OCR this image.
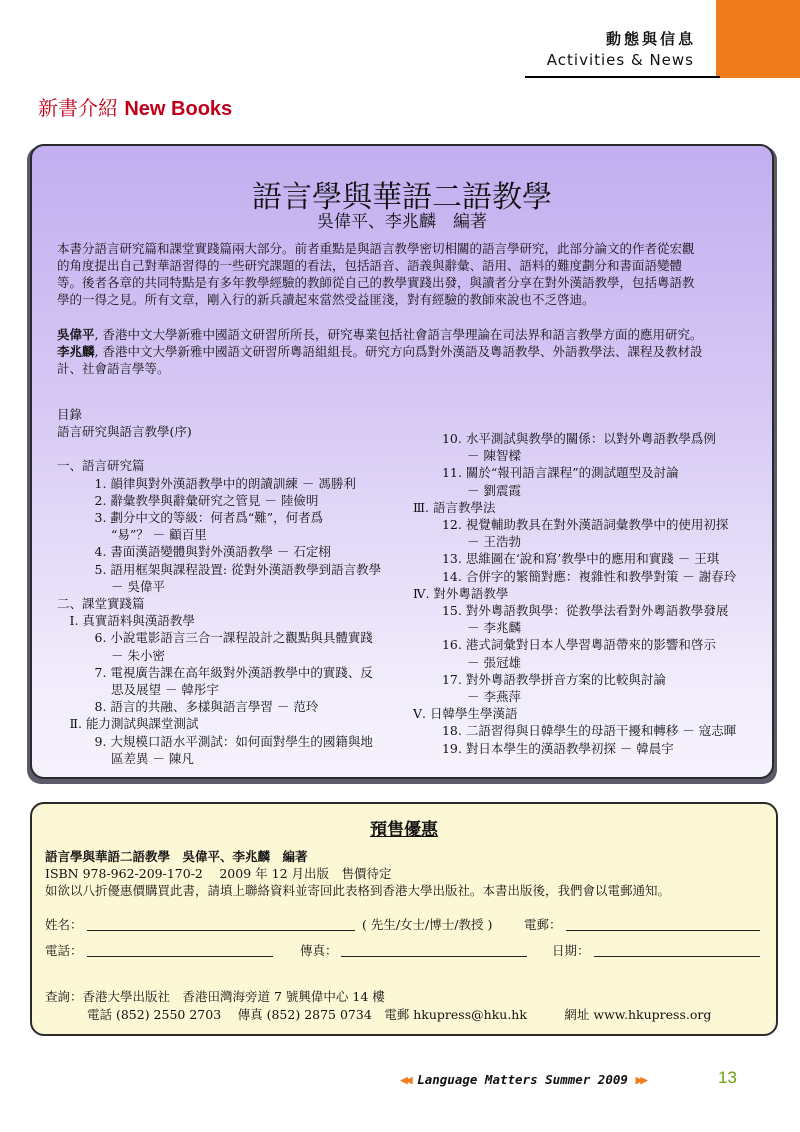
動態與信息
Activities & News
新書介紹 New Books
語言學與華語二語教學
吳偉平、李兆麟　編著
本書分語言研究篇和課堂實踐篇兩大部分。前者重點是與語言教學密切相關的語言學研究，此部分論文的作者從宏觀
的角度提出自己對華語習得的一些研究課題的看法，包括語音、語義與辭彙、語用、語料的難度劃分和書面語變體
等。後者各章的共同特點是有多年教學經驗的教師從自己的教學實踐出發，與讀者分享在對外漢語教學，包括粵語教
學的一得之見。所有文章，剛入行的新兵讀起來當然受益匪淺，對有經驗的教師來說也不乏啓迪。
吳偉平, 香港中文大學新雅中國語文研習所所長，研究專業包括社會語言學理論在司法界和語言教學方面的應用研究。
李兆麟, 香港中文大學新雅中國語文研習所粵語組組長。研究方向爲對外漢語及粵語教學、外語教學法、課程及教材設
計、社會語言學等。
目錄
語言研究與語言教學(序)
一、語言研究篇
　　　1. 韻律與對外漢語教學中的朗讀訓練 － 馮勝利
　　　2. 辭彙教學與辭彙研究之管見 － 陸儉明
　　　3. 劃分中文的等級：何者爲“難”，何者爲
　　　　 “易”？ － 顧百里
　　　4. 書面漢語變體與對外漢語教學 － 石定栩
　　　5. 語用框架與課程設置: 從對外漢語教學到語言教學
　　　　 － 吳偉平
二、課堂實踐篇
　Ⅰ. 真實語料與漢語教學
　　　6. 小說電影語言三合一課程設計之觀點與具體實踐
　　　　 － 朱小密
　　　7. 電視廣告課在高年級對外漢語教學中的實踐、反
　　　　 思及展望 － 韓彤宇
　　　8. 語言的共融、多樣與語言學習 － 范玲
　Ⅱ. 能力測試與課堂測試
　　　9. 大規模口語水平測試：如何面對學生的國籍與地
　　　　 區差異 － 陳凡
　　 10. 水平測試與教學的關係：以對外粵語教學爲例
　　　　 － 陳智樑
　　 11. 關於“報刊語言課程”的測試題型及討論
　　　　 － 劉震霞
Ⅲ. 語言教學法
　　 12. 視覺輔助教具在對外漢語詞彙教學中的使用初探
　　　　 － 王浩勃
　　 13. 思維圖在‘說和寫’教學中的應用和實踐 － 王琪
　　 14. 合併字的繁簡對應：複雜性和教學對策 － 謝春玲
Ⅳ. 對外粵語教學
　　 15. 對外粵語教與學：從教學法看對外粵語教學發展
　　　　 － 李兆麟
　　 16. 港式詞彙對日本人學習粵語帶來的影響和啓示
　　　　 － 張冠雄
　　 17. 對外粵語教學拼音方案的比較與討論
　　　　 － 李燕萍
Ⅴ. 日韓學生學漢語
　　 18. 二語習得與日韓學生的母語干擾和轉移 － 寇志暉
　　 19. 對日本學生的漢語教學初探 － 韓晨宇
預售優惠
語言學與華語二語教學　吳偉平、李兆麟　編著
ISBN 978-962-209-170-2　 2009 年 12 月出版　售價待定
如欲以八折優惠價購買此書，請填上聯絡資料並寄回此表格到香港大學出版社。本書出版後，我們會以電郵通知。
姓名：	( 先生/女士/博士/教授 )	電郵：
電話：	傳真：	日期：
查詢：香港大學出版社　香港田灣海旁道 7 號興偉中心 14 樓
電話 (852) 2550 2703　 傳真 (852) 2875 0734　電郵 hkupress@hku.hk　　　網址 www.hkupress.org
◀◀ Language Matters Summer 2009 ▶▶	13
